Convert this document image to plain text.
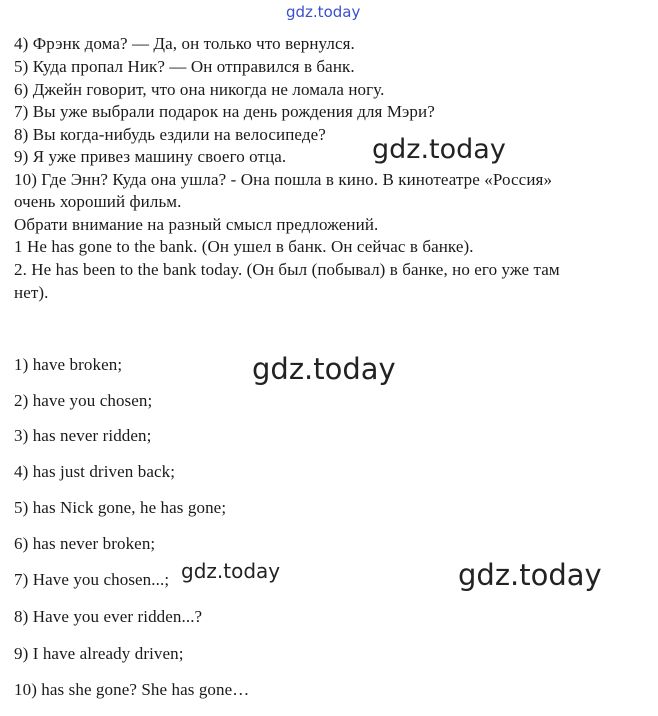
gdz.today
4) Фрэнк дома? — Да, он только что вернулся.
5) Куда пропал Ник? — Он отправился в банк.
6) Джейн говорит, что она никогда не ломала ногу.
7) Вы уже выбрали подарок на день рождения для Мэри?
8) Вы когда-нибудь ездили на велосипеде?
9) Я уже привез машину своего отца.
10) Где Энн? Куда она ушла? - Она пошла в кино. В кинотеатре «Россия»
очень хороший фильм.
gdz.today
Обрати внимание на разный смысл предложений.
1 He has gone to the bank. (Он ушел в банк. Он сейчас в банке).
2. He has been to the bank today. (Он был (побывал) в банке, но его уже там
нет).
gdz.today
1) have broken;
2) have you chosen;
3) has never ridden;
4) has just driven back;
5) has Nick gone, he has gone;
6) has never broken;
7) Have you chosen...;
8) Have you ever ridden...?
9) I have already driven;
10) has she gone? She has gone…
gdz.today	gdz.today
